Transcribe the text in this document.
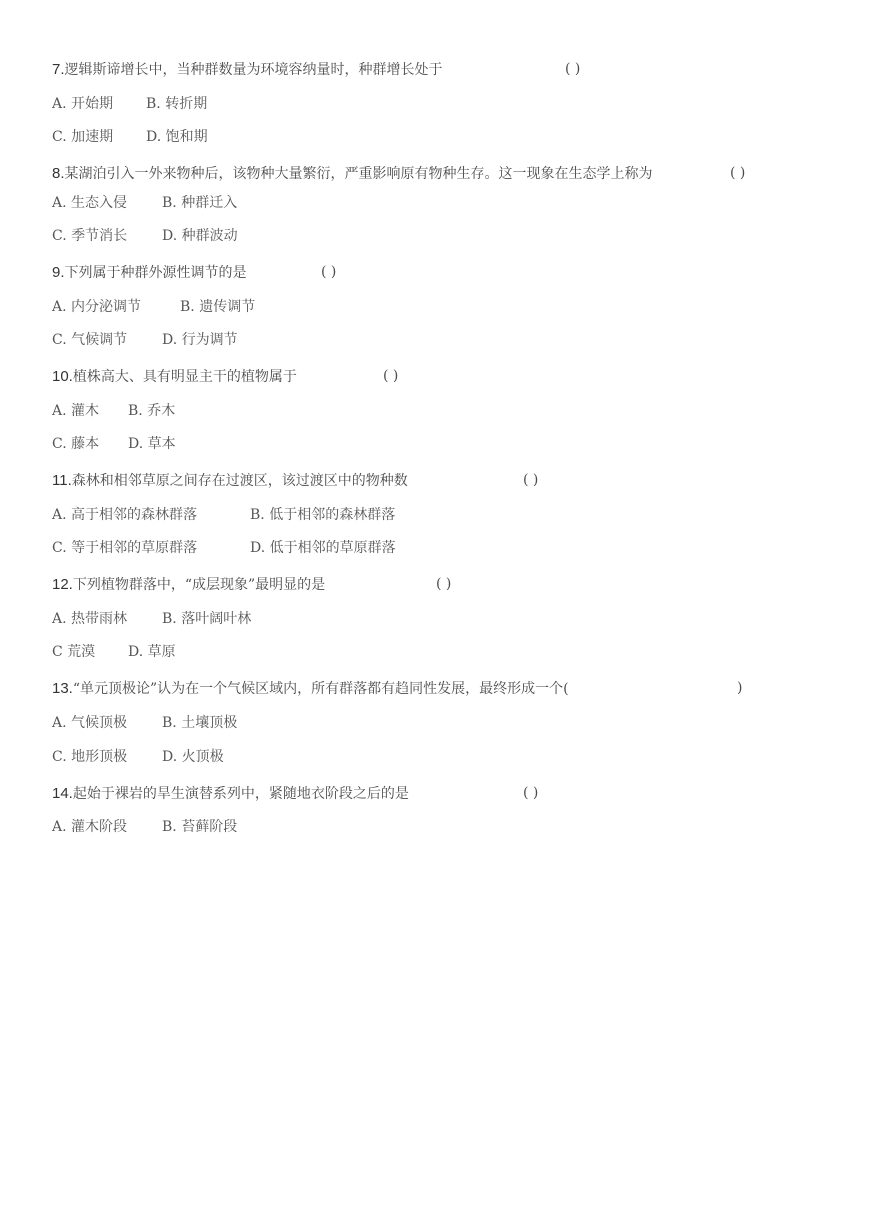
7.逻辑斯谛增长中，当种群数量为环境容纳量时，种群增长处于	( )
A. 开始期 B. 转折期
C. 加速期 D. 饱和期
8.某湖泊引入一外来物种后，该物种大量繁衍，严重影响原有物种生存。这一现象在生态学上称为	( )
A. 生态入侵 B. 种群迁入
C. 季节消长 D. 种群波动
9.下列属于种群外源性调节的是	( )
A. 内分泌调节	B. 遗传调节
C. 气候调节 D. 行为调节
10.植株高大、具有明显主干的植物属于	( )
A. 灌木 B. 乔木
C. 藤本 D. 草本
11.森林和相邻草原之间存在过渡区，该过渡区中的物种数	( )
A. 高于相邻的森林群落	B. 低于相邻的森林群落
C. 等于相邻的草原群落	D. 低于相邻的草原群落
12.下列植物群落中，“成层现象”最明显的是	( )
A. 热带雨林 B. 落叶阔叶林
C 荒漠 D. 草原
13.“单元顶极论”认为在一个气候区域内，所有群落都有趋同性发展，最终形成一个(	)
A. 气候顶极 B. 土壤顶极
C. 地形顶极 D. 火顶极
14.起始于裸岩的旱生演替系列中，紧随地衣阶段之后的是	( )
A. 灌木阶段 B. 苔藓阶段
